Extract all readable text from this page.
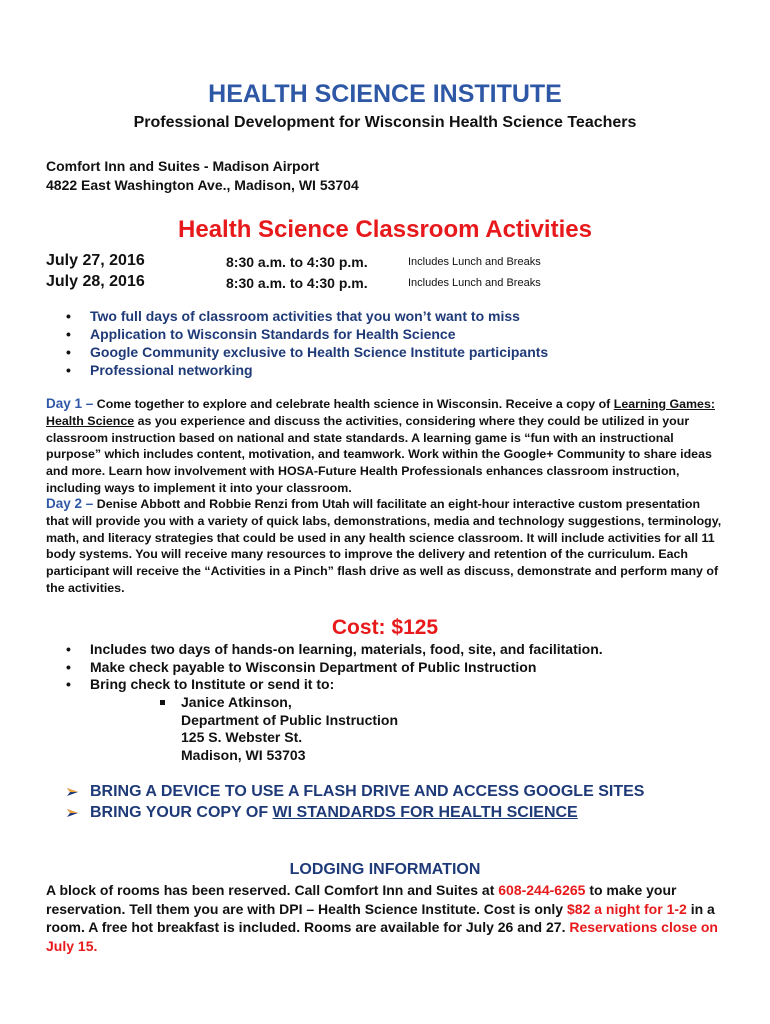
HEALTH SCIENCE INSTITUTE
Professional Development for Wisconsin Health Science Teachers
Comfort Inn and Suites - Madison Airport
4822 East Washington Ave., Madison, WI 53704
Health Science Classroom Activities
July 27, 2016	8:30 a.m. to 4:30 p.m.	Includes Lunch and Breaks
July 28, 2016	8:30 a.m. to 4:30 p.m.	Includes Lunch and Breaks
• Two full days of classroom activities that you won’t want to miss
• Application to Wisconsin Standards for Health Science
• Google Community exclusive to Health Science Institute participants
• Professional networking
Day 1 – Come together to explore and celebrate health science in Wisconsin. Receive a copy of Learning Games: Health Science as you experience and discuss the activities, considering where they could be utilized in your classroom instruction based on national and state standards. A learning game is “fun with an instructional purpose” which includes content, motivation, and teamwork. Work within the Google+ Community to share ideas and more. Learn how involvement with HOSA-Future Health Professionals enhances classroom instruction, including ways to implement it into your classroom.
Day 2 – Denise Abbott and Robbie Renzi from Utah will facilitate an eight-hour interactive custom presentation that will provide you with a variety of quick labs, demonstrations, media and technology suggestions, terminology, math, and literacy strategies that could be used in any health science classroom. It will include activities for all 11 body systems. You will receive many resources to improve the delivery and retention of the curriculum. Each participant will receive the “Activities in a Pinch” flash drive as well as discuss, demonstrate and perform many of the activities.
Cost: $125
• Includes two days of hands-on learning, materials, food, site, and facilitation.
• Make check payable to Wisconsin Department of Public Instruction
• Bring check to Institute or send it to:
Janice Atkinson,
Department of Public Instruction
125 S. Webster St.
Madison, WI 53703
BRING A DEVICE TO USE A FLASH DRIVE AND ACCESS GOOGLE SITES
BRING YOUR COPY OF WI STANDARDS FOR HEALTH SCIENCE
LODGING INFORMATION
A block of rooms has been reserved. Call Comfort Inn and Suites at 608-244-6265 to make your reservation. Tell them you are with DPI – Health Science Institute. Cost is only $82 a night for 1-2 in a room. A free hot breakfast is included. Rooms are available for July 26 and 27. Reservations close on July 15.
